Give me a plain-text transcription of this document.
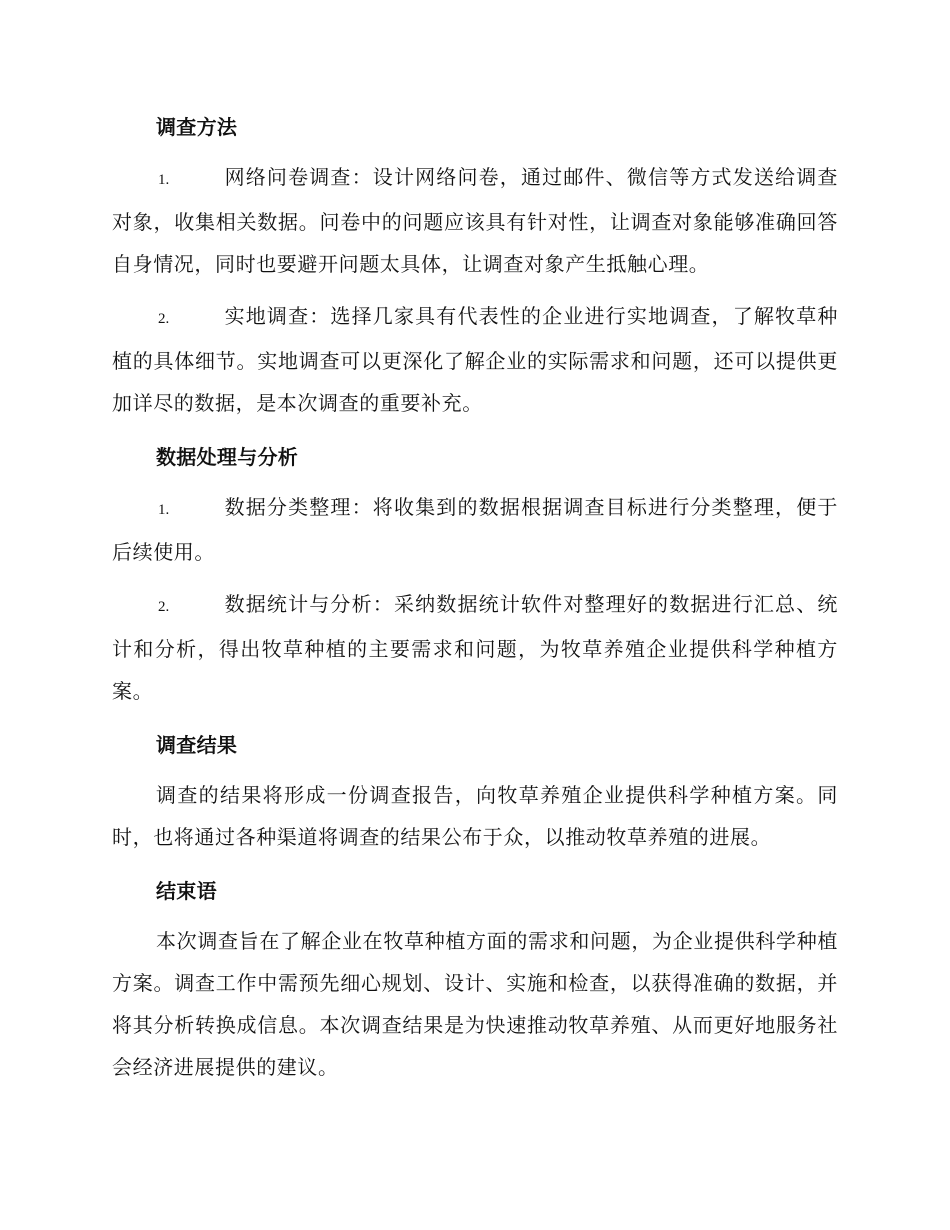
调查方法

1.	网络问卷调查：设计网络问卷，通过邮件、微信等方式发送给调查对象，收集相关数据。问卷中的问题应该具有针对性，让调查对象能够准确回答自身情况，同时也要避开问题太具体，让调查对象产生抵触心理。

2.	实地调查：选择几家具有代表性的企业进行实地调查，了解牧草种植的具体细节。实地调查可以更深化了解企业的实际需求和问题，还可以提供更加详尽的数据，是本次调查的重要补充。

数据处理与分析

1.	数据分类整理：将收集到的数据根据调查目标进行分类整理，便于后续使用。

2.	数据统计与分析：采纳数据统计软件对整理好的数据进行汇总、统计和分析，得出牧草种植的主要需求和问题，为牧草养殖企业提供科学种植方案。

调查结果

调查的结果将形成一份调查报告，向牧草养殖企业提供科学种植方案。同时，也将通过各种渠道将调查的结果公布于众，以推动牧草养殖的进展。

结束语

本次调查旨在了解企业在牧草种植方面的需求和问题，为企业提供科学种植方案。调查工作中需预先细心规划、设计、实施和检查，以获得准确的数据，并将其分析转换成信息。本次调查结果是为快速推动牧草养殖、从而更好地服务社会经济进展提供的建议。
